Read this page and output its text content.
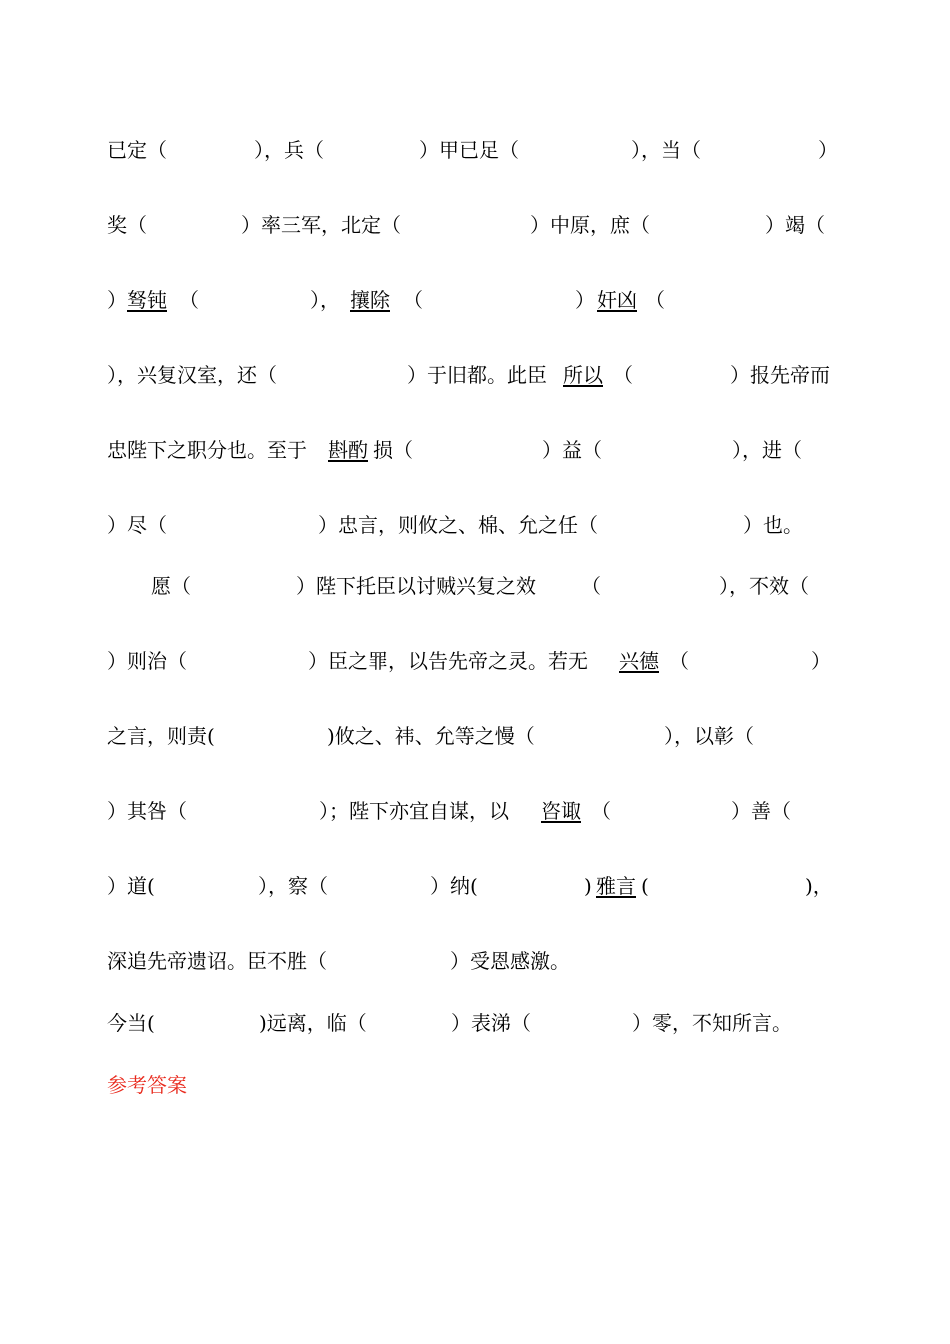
已定（	），兵（	）甲已足（	），当（	）
奖（	）率三军，北定（	）中原，庶（	）竭（
） 驽钝 （	）， 攘除 （	） 奸凶 （
），兴复汉室，还（	）于旧都。此臣 所以 （	）报先帝而
忠陛下之职分也。至于 斟酌 损（	）益（	），进（
）尽（	）忠言，则攸之、棉、允之任（	）也。
愿（	）陛下托臣以讨贼兴复之效 （	），不效（
）则治（	）臣之罪，以告先帝之灵。若无 兴德 （	）
之言，则责(	)攸之、祎、允等之慢（	），以彰（
）其咎（	）；陛下亦宜自谋，以 咨诹 （	）善（
）道(	），察（	）纳(	) 雅言 (	)，
深追先帝遗诏。臣不胜（	）受恩感激。
今当(	)远离，临（	）表涕（	）零，不知所言。
参考答案
